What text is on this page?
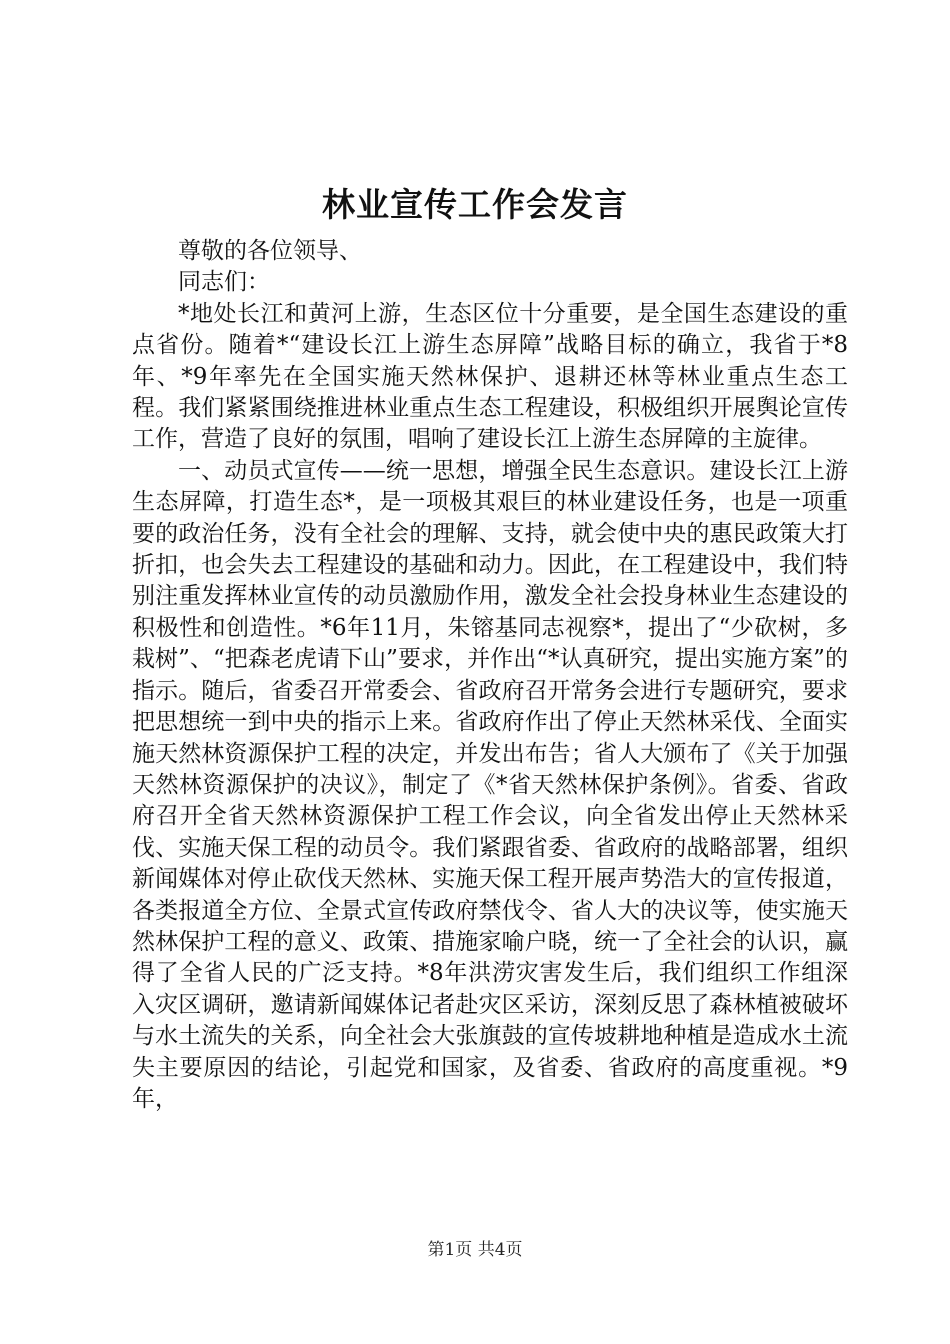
林业宣传工作会发言

尊敬的各位领导、

同志们：

*地处长江和黄河上游，生态区位十分重要，是全国生态建设的重点省份。随着*“建设长江上游生态屏障”战略目标的确立，我省于*8年、*9年率先在全国实施天然林保护、退耕还林等林业重点生态工程。我们紧紧围绕推进林业重点生态工程建设，积极组织开展舆论宣传工作，营造了良好的氛围，唱响了建设长江上游生态屏障的主旋律。

一、动员式宣传——统一思想，增强全民生态意识。建设长江上游生态屏障，打造生态*，是一项极其艰巨的林业建设任务，也是一项重要的政治任务，没有全社会的理解、支持，就会使中央的惠民政策大打折扣，也会失去工程建设的基础和动力。因此，在工程建设中，我们特别注重发挥林业宣传的动员激励作用，激发全社会投身林业生态建设的积极性和创造性。*6年11月，朱镕基同志视察*，提出了“少砍树，多栽树”、“把森老虎请下山”要求，并作出“*认真研究，提出实施方案”的指示。随后，省委召开常委会、省政府召开常务会进行专题研究，要求把思想统一到中央的指示上来。省政府作出了停止天然林采伐、全面实施天然林资源保护工程的决定，并发出布告；省人大颁布了《关于加强天然林资源保护的决议》，制定了《*省天然林保护条例》。省委、省政府召开全省天然林资源保护工程工作会议，向全省发出停止天然林采伐、实施天保工程的动员令。我们紧跟省委、省政府的战略部署，组织新闻媒体对停止砍伐天然林、实施天保工程开展声势浩大的宣传报道，各类报道全方位、全景式宣传政府禁伐令、省人大的决议等，使实施天然林保护工程的意义、政策、措施家喻户晓，统一了全社会的认识，赢得了全省人民的广泛支持。*8年洪涝灾害发生后，我们组织工作组深入灾区调研，邀请新闻媒体记者赴灾区采访，深刻反思了森林植被破坏与水土流失的关系，向全社会大张旗鼓的宣传坡耕地种植是造成水土流失主要原因的结论，引起党和国家，及省委、省政府的高度重视。*9年，

第1页 共4页
